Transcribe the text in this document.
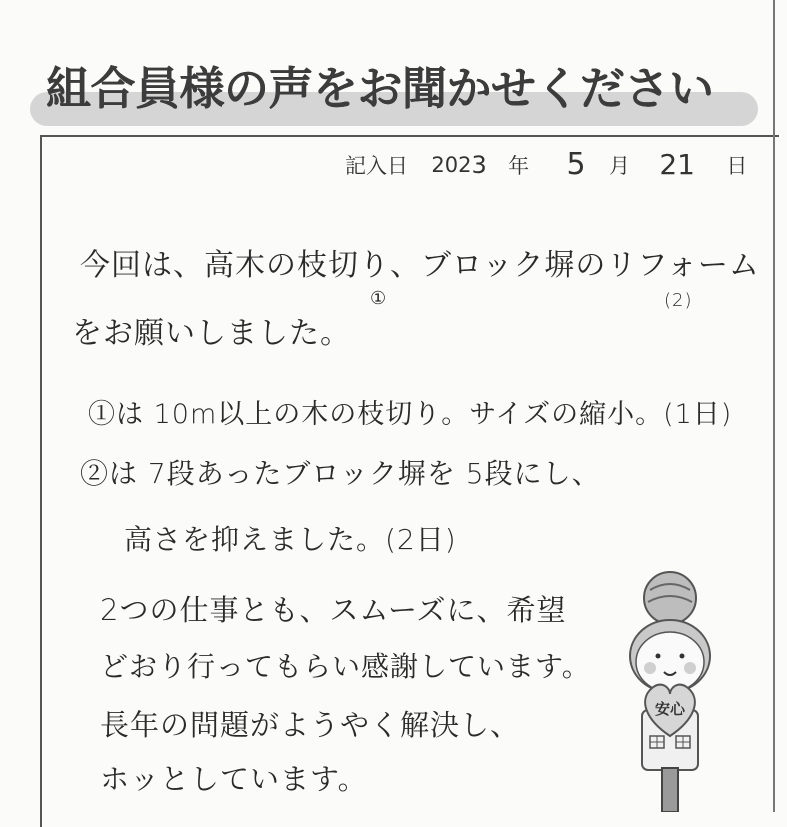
組合員様の声をお聞かせください
記入日 2023 年 5 月 21 日
今回は、高木の枝切り、ブロック塀のリフォーム
①	(2)
をお願いしました。
①は 10m以上の木の枝切り。サイズの縮小。(1日)
②は 7段あったブロック塀を 5段にし、
高さを抑えました。(2日)
2つの仕事とも、スムーズに、希望
どおり行ってもらい感謝しています。
長年の問題がようやく解決し、
ホッとしています。
安心
